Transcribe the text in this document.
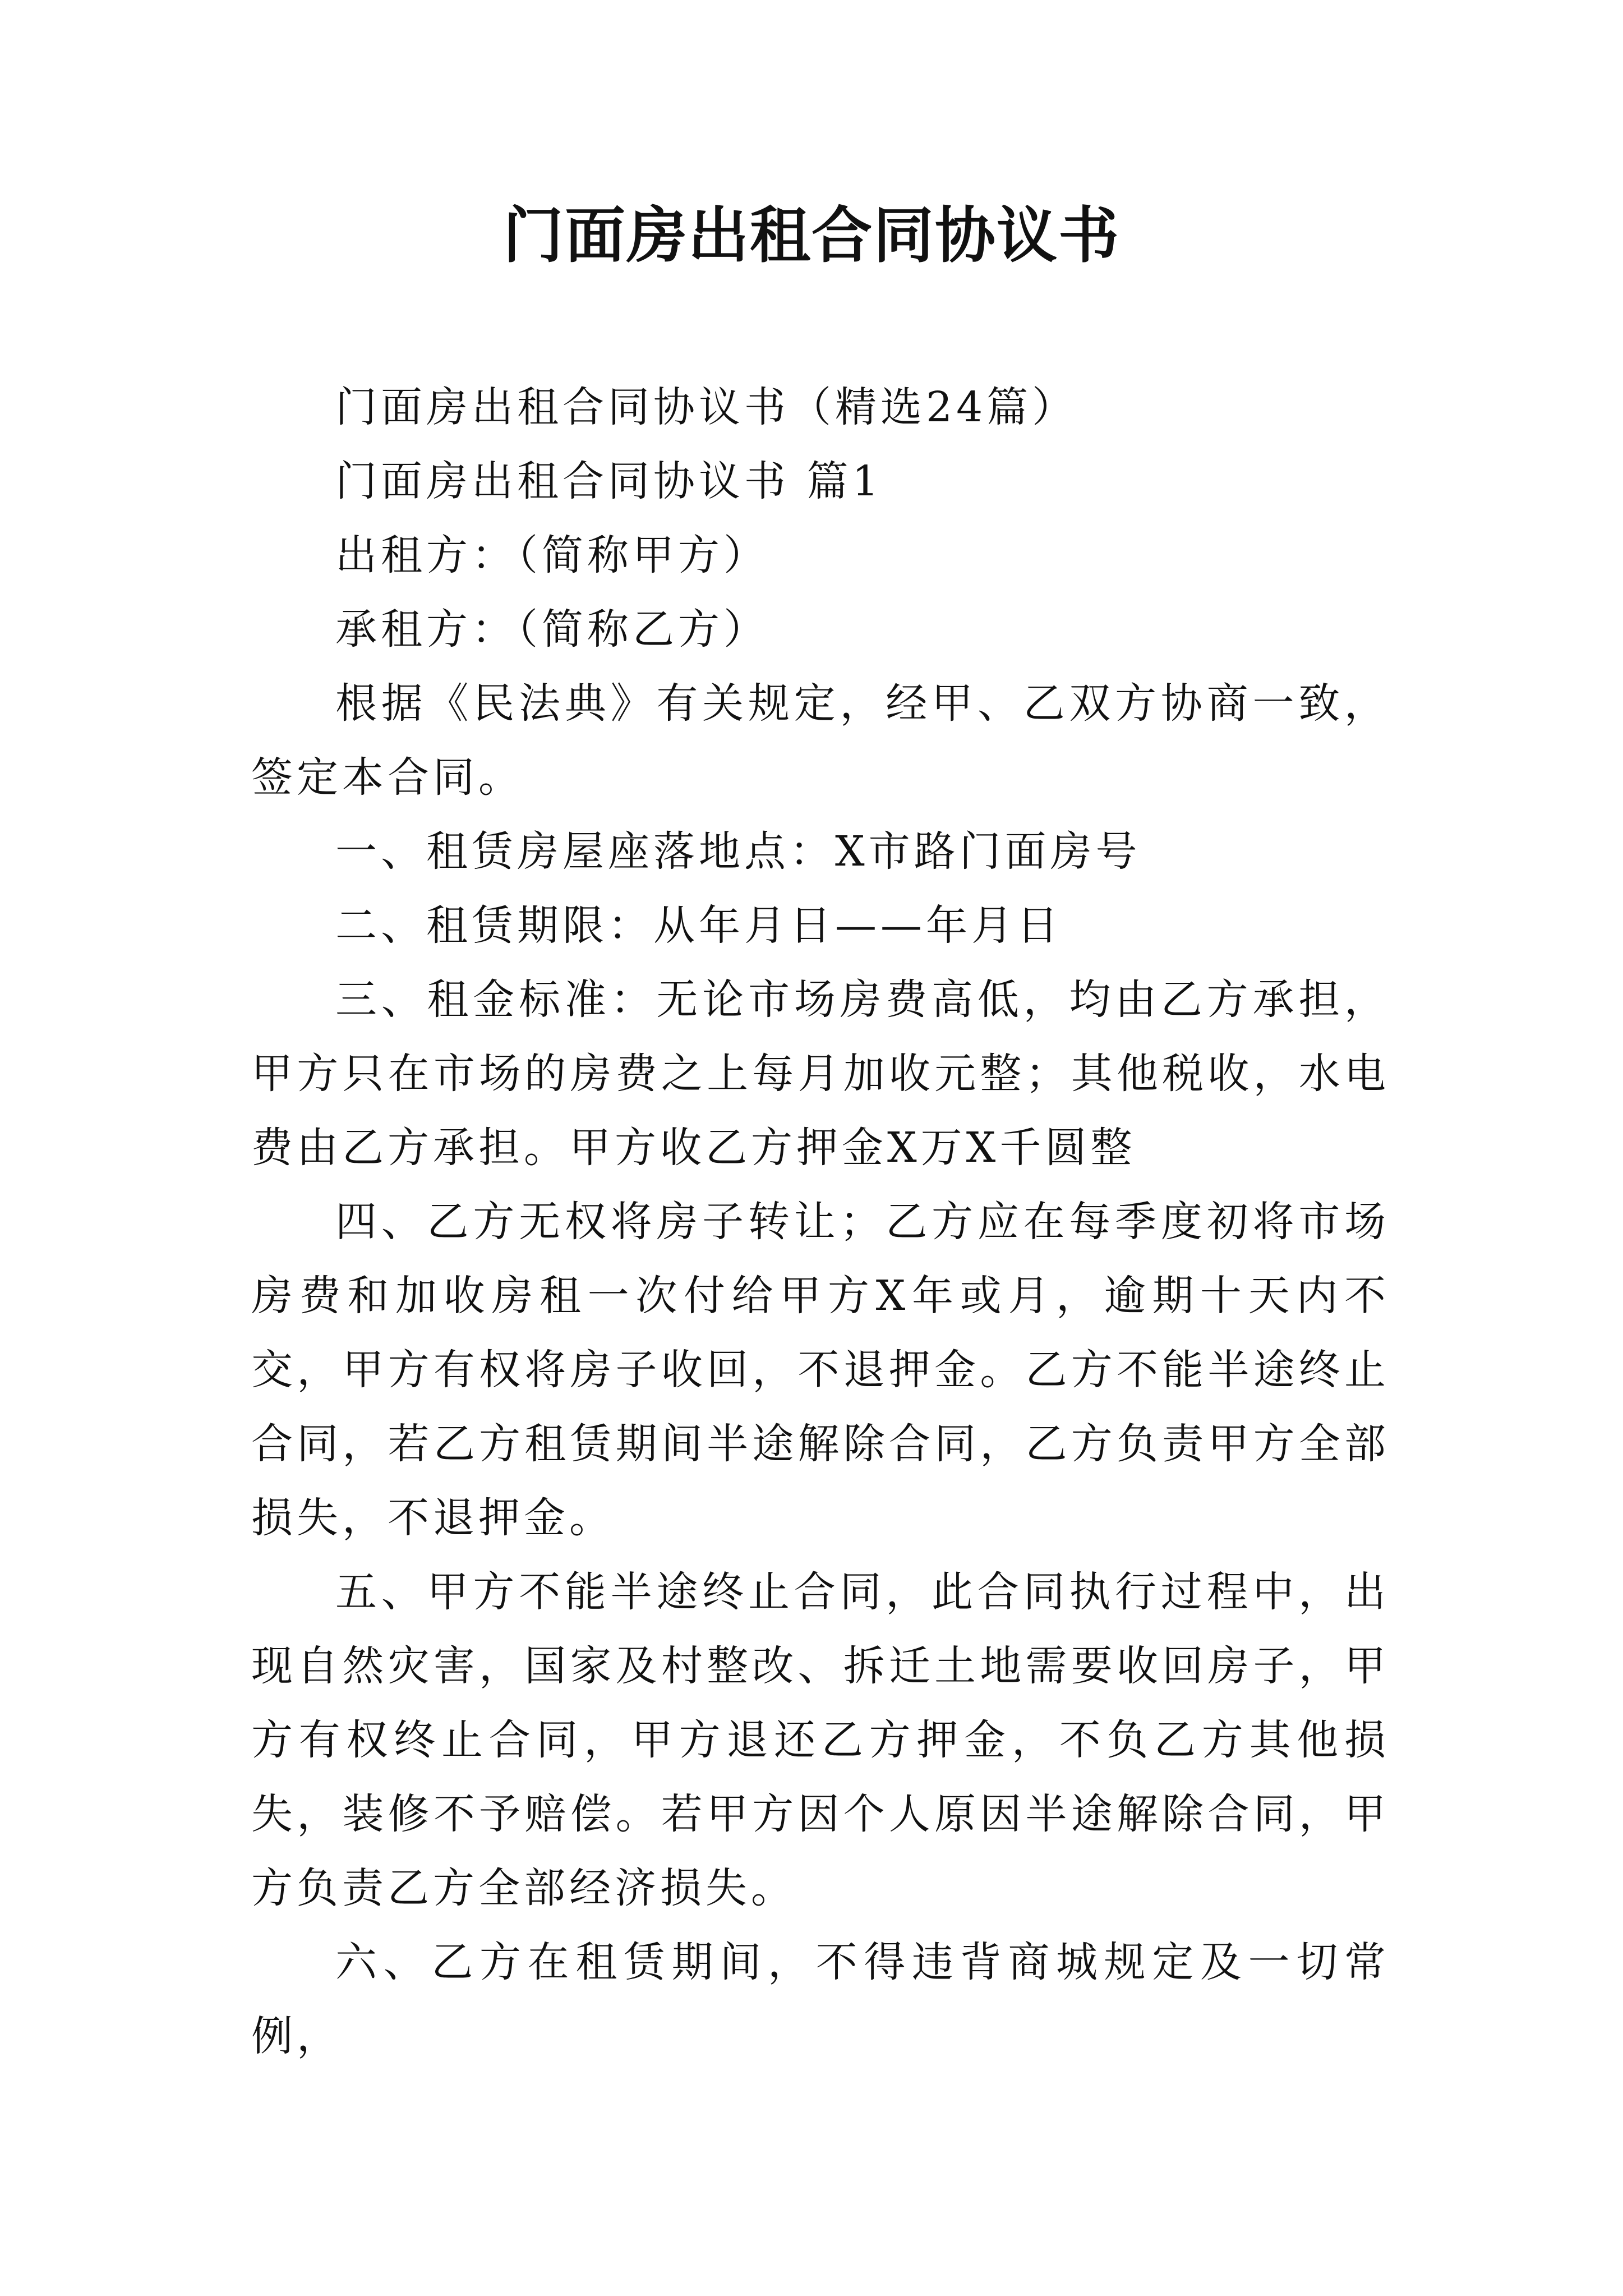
门面房出租合同协议书

门面房出租合同协议书（精选24篇）

门面房出租合同协议书 篇1

出租方：（简称甲方）

承租方：（简称乙方）

根据《民法典》有关规定，经甲、乙双方协商一致，签定本合同。

一、租赁房屋座落地点：X市路门面房号

二、租赁期限：从年月日——年月日

三、租金标准：无论市场房费高低，均由乙方承担，甲方只在市场的房费之上每月加收元整；其他税收，水电费由乙方承担。甲方收乙方押金X万X千圆整

四、乙方无权将房子转让；乙方应在每季度初将市场房费和加收房租一次付给甲方X年或月，逾期十天内不交，甲方有权将房子收回，不退押金。乙方不能半途终止合同，若乙方租赁期间半途解除合同，乙方负责甲方全部损失，不退押金。

五、甲方不能半途终止合同，此合同执行过程中，出现自然灾害，国家及村整改、拆迁土地需要收回房子，甲方有权终止合同，甲方退还乙方押金，不负乙方其他损失，装修不予赔偿。若甲方因个人原因半途解除合同，甲方负责乙方全部经济损失。

六、乙方在租赁期间，不得违背商城规定及一切常例，
